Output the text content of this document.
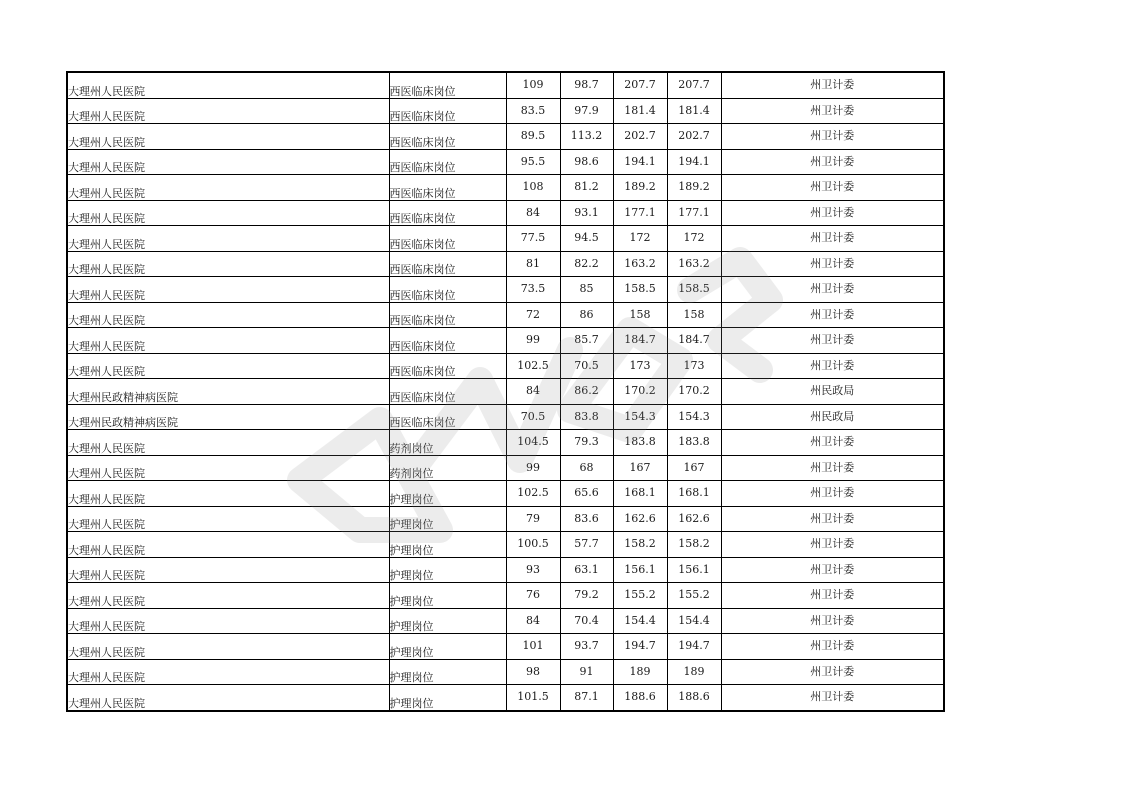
大理州人民医院	西医临床岗位	109	98.7	207.7	207.7	州卫计委
大理州人民医院	西医临床岗位	83.5	97.9	181.4	181.4	州卫计委
大理州人民医院	西医临床岗位	89.5	113.2	202.7	202.7	州卫计委
大理州人民医院	西医临床岗位	95.5	98.6	194.1	194.1	州卫计委
大理州人民医院	西医临床岗位	108	81.2	189.2	189.2	州卫计委
大理州人民医院	西医临床岗位	84	93.1	177.1	177.1	州卫计委
大理州人民医院	西医临床岗位	77.5	94.5	172	172	州卫计委
大理州人民医院	西医临床岗位	81	82.2	163.2	163.2	州卫计委
大理州人民医院	西医临床岗位	73.5	85	158.5	158.5	州卫计委
大理州人民医院	西医临床岗位	72	86	158	158	州卫计委
大理州人民医院	西医临床岗位	99	85.7	184.7	184.7	州卫计委
大理州人民医院	西医临床岗位	102.5	70.5	173	173	州卫计委
大理州民政精神病医院	西医临床岗位	84	86.2	170.2	170.2	州民政局
大理州民政精神病医院	西医临床岗位	70.5	83.8	154.3	154.3	州民政局
大理州人民医院	药剂岗位	104.5	79.3	183.8	183.8	州卫计委
大理州人民医院	药剂岗位	99	68	167	167	州卫计委
大理州人民医院	护理岗位	102.5	65.6	168.1	168.1	州卫计委
大理州人民医院	护理岗位	79	83.6	162.6	162.6	州卫计委
大理州人民医院	护理岗位	100.5	57.7	158.2	158.2	州卫计委
大理州人民医院	护理岗位	93	63.1	156.1	156.1	州卫计委
大理州人民医院	护理岗位	76	79.2	155.2	155.2	州卫计委
大理州人民医院	护理岗位	84	70.4	154.4	154.4	州卫计委
大理州人民医院	护理岗位	101	93.7	194.7	194.7	州卫计委
大理州人民医院	护理岗位	98	91	189	189	州卫计委
大理州人民医院	护理岗位	101.5	87.1	188.6	188.6	州卫计委
